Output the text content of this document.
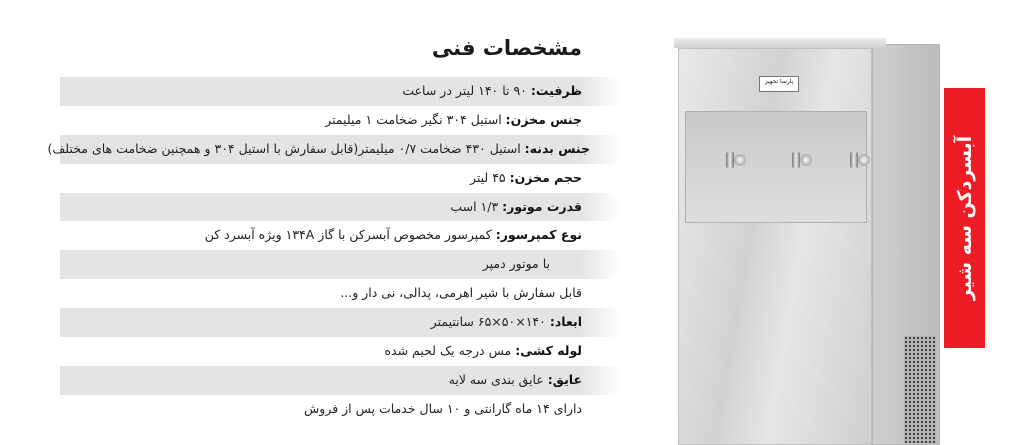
مشخصات فنی
ظرفیت: ۹۰ تا ۱۴۰ لیتر در ساعت
جنس مخزن: استیل ۳۰۴ نگیر ضخامت ۱ میلیمتر
جنس بدنه: استیل ۴۳۰ ضخامت ۰/۷ میلیمتر(قابل سفارش با استیل ۳۰۴ و همچنین ضخامت های مختلف)
حجم مخزن: ۴۵ لیتر
قدرت موتور: ۱/۳ اسب
نوع کمپرسور: کمپرسور مخصوص آبسرکن با گاز ۱۳۴A ویژه آبسرد کن
با موتور دمپر
قابل سفارش با شیر اهرمی، پدالی، نی دار و...
ابعاد: ۱۴۰×۵۰×۶۵ سانتیمتر
لوله کشی: مس درجه یک لحیم شده
عایق: عایق بندی سه لایه
دارای ۱۴ ماه گارانتی و ۱۰ سال خدمات پس از فروش
آبسردکن سه شیر
پارسا تجهیز
